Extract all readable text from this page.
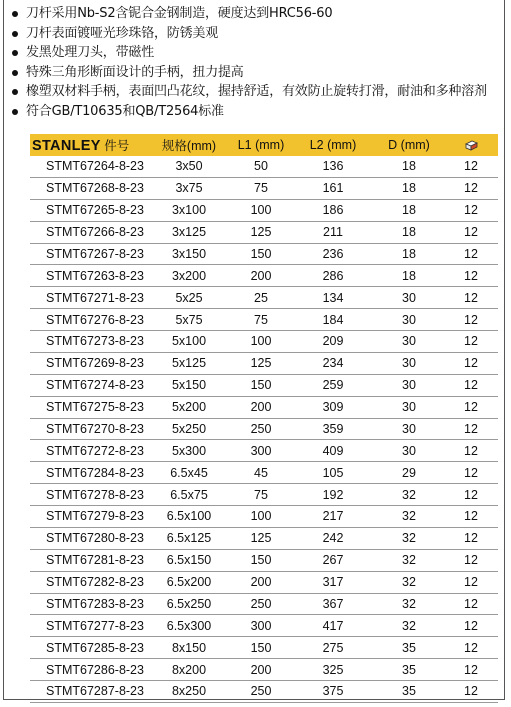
刀杆采用Nb-S2含铌合金钢制造，硬度达到HRC56-60
刀杆表面镀哑光珍珠铬，防锈美观
发黑处理刀头，带磁性
特殊三角形断面设计的手柄，扭力提高
橡塑双材料手柄，表面凹凸花纹，握持舒适，有效防止旋转打滑，耐油和多种溶剂
符合GB/T10635和QB/T2564标准
STANLEY 件号	规格(mm)	L1 (mm)	L2 (mm)	D (mm)	
STMT67264-8-23	3x50	50	136	18	12
STMT67268-8-23	3x75	75	161	18	12
STMT67265-8-23	3x100	100	186	18	12
STMT67266-8-23	3x125	125	211	18	12
STMT67267-8-23	3x150	150	236	18	12
STMT67263-8-23	3x200	200	286	18	12
STMT67271-8-23	5x25	25	134	30	12
STMT67276-8-23	5x75	75	184	30	12
STMT67273-8-23	5x100	100	209	30	12
STMT67269-8-23	5x125	125	234	30	12
STMT67274-8-23	5x150	150	259	30	12
STMT67275-8-23	5x200	200	309	30	12
STMT67270-8-23	5x250	250	359	30	12
STMT67272-8-23	5x300	300	409	30	12
STMT67284-8-23	6.5x45	45	105	29	12
STMT67278-8-23	6.5x75	75	192	32	12
STMT67279-8-23	6.5x100	100	217	32	12
STMT67280-8-23	6.5x125	125	242	32	12
STMT67281-8-23	6.5x150	150	267	32	12
STMT67282-8-23	6.5x200	200	317	32	12
STMT67283-8-23	6.5x250	250	367	32	12
STMT67277-8-23	6.5x300	300	417	32	12
STMT67285-8-23	8x150	150	275	35	12
STMT67286-8-23	8x200	200	325	35	12
STMT67287-8-23	8x250	250	375	35	12
